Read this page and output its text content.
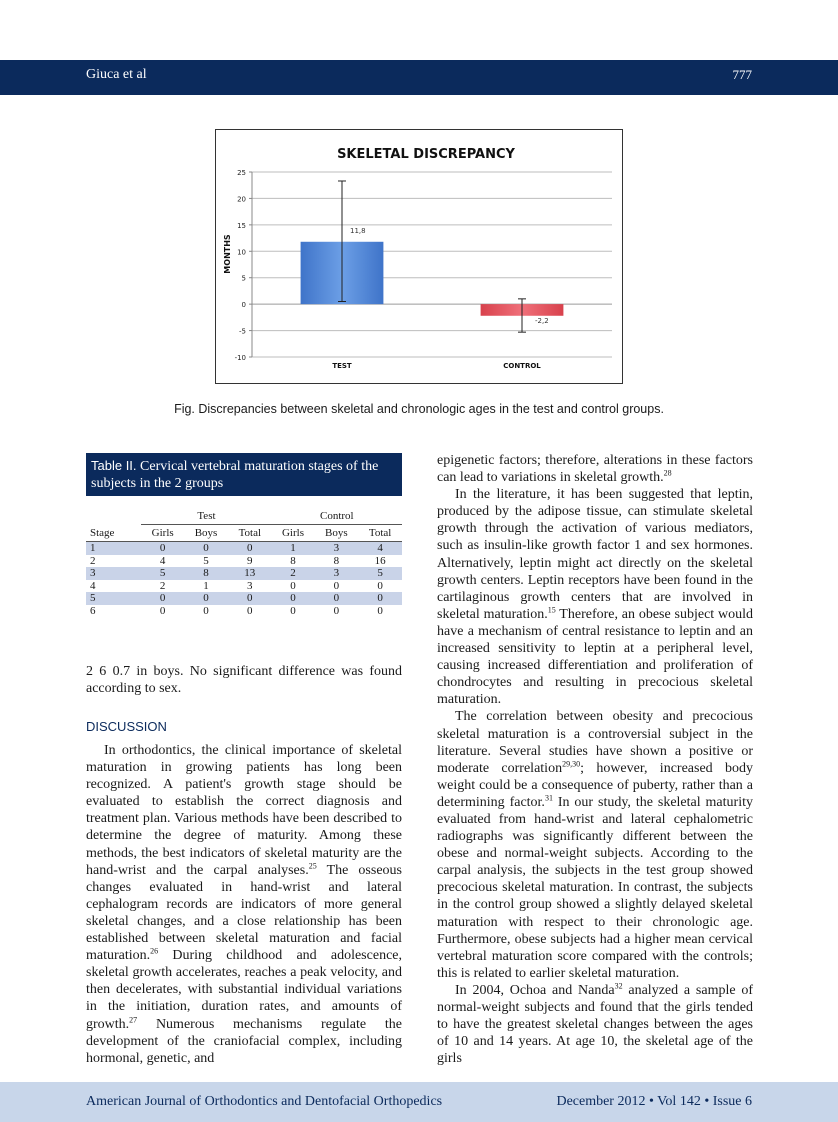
Giuca et al	777
SKELETAL DISCREPANCY
MONTHS
-10
-5
0
5
10
15
20
25
11,8
-2,2
TEST	CONTROL
Fig. Discrepancies between skeletal and chronologic ages in the test and control groups.
Table II. Cervical vertebral maturation stages of the subjects in the 2 groups
	Test			Control		
Stage	Girls	Boys	Total	Girls	Boys	Total
1	0	0	0	1	3	4
2	4	5	9	8	8	16
3	5	8	13	2	3	5
4	2	1	3	0	0	0
5	0	0	0	0	0	0
6	0	0	0	0	0	0

2 6 0.7 in boys. No significant difference was found according to sex.

DISCUSSION

In orthodontics, the clinical importance of skeletal maturation in growing patients has long been recognized. A patient's growth stage should be evaluated to establish the correct diagnosis and treatment plan. Various methods have been described to determine the degree of maturity. Among these methods, the best indicators of skeletal maturity are the hand-wrist and the carpal analyses.$^{25}$ The osseous changes evaluated in hand-wrist and lateral cephalogram records are indicators of more general skeletal changes, and a close relationship has been established between skeletal maturation and facial maturation.$^{26}$ During childhood and adolescence, skeletal growth accelerates, reaches a peak velocity, and then decelerates, with substantial individual variations in the initiation, duration rates, and amounts of growth.$^{27}$ Numerous mechanisms regulate the development of the craniofacial complex, including hormonal, genetic, and

epigenetic factors; therefore, alterations in these factors can lead to variations in skeletal growth.$^{28}$

In the literature, it has been suggested that leptin, produced by the adipose tissue, can stimulate skeletal growth through the activation of various mediators, such as insulin-like growth factor 1 and sex hormones. Alternatively, leptin might act directly on the skeletal growth centers. Leptin receptors have been found in the cartilaginous growth centers that are involved in skeletal maturation.$^{15}$ Therefore, an obese subject would have a mechanism of central resistance to leptin and an increased sensitivity to leptin at a peripheral level, causing increased differentiation and proliferation of chondrocytes and resulting in precocious skeletal maturation.

The correlation between obesity and precocious skeletal maturation is a controversial subject in the literature. Several studies have shown a positive or moderate correlation$^{29,30}$; however, increased body weight could be a consequence of puberty, rather than a determining factor.$^{31}$ In our study, the skeletal maturity evaluated from hand-wrist and lateral cephalometric radiographs was significantly different between the obese and normal-weight subjects. According to the carpal analysis, the subjects in the test group showed precocious skeletal maturation. In contrast, the subjects in the control group showed a slightly delayed skeletal maturation with respect to their chronologic age. Furthermore, obese subjects had a higher mean cervical vertebral maturation score compared with the controls; this is related to earlier skeletal maturation.

In 2004, Ochoa and Nanda$^{32}$ analyzed a sample of normal-weight subjects and found that the girls tended to have the greatest skeletal changes between the ages of 10 and 14 years. At age 10, the skeletal age of the girls

American Journal of Orthodontics and Dentofacial Orthopedics	December 2012 • Vol 142 • Issue 6
